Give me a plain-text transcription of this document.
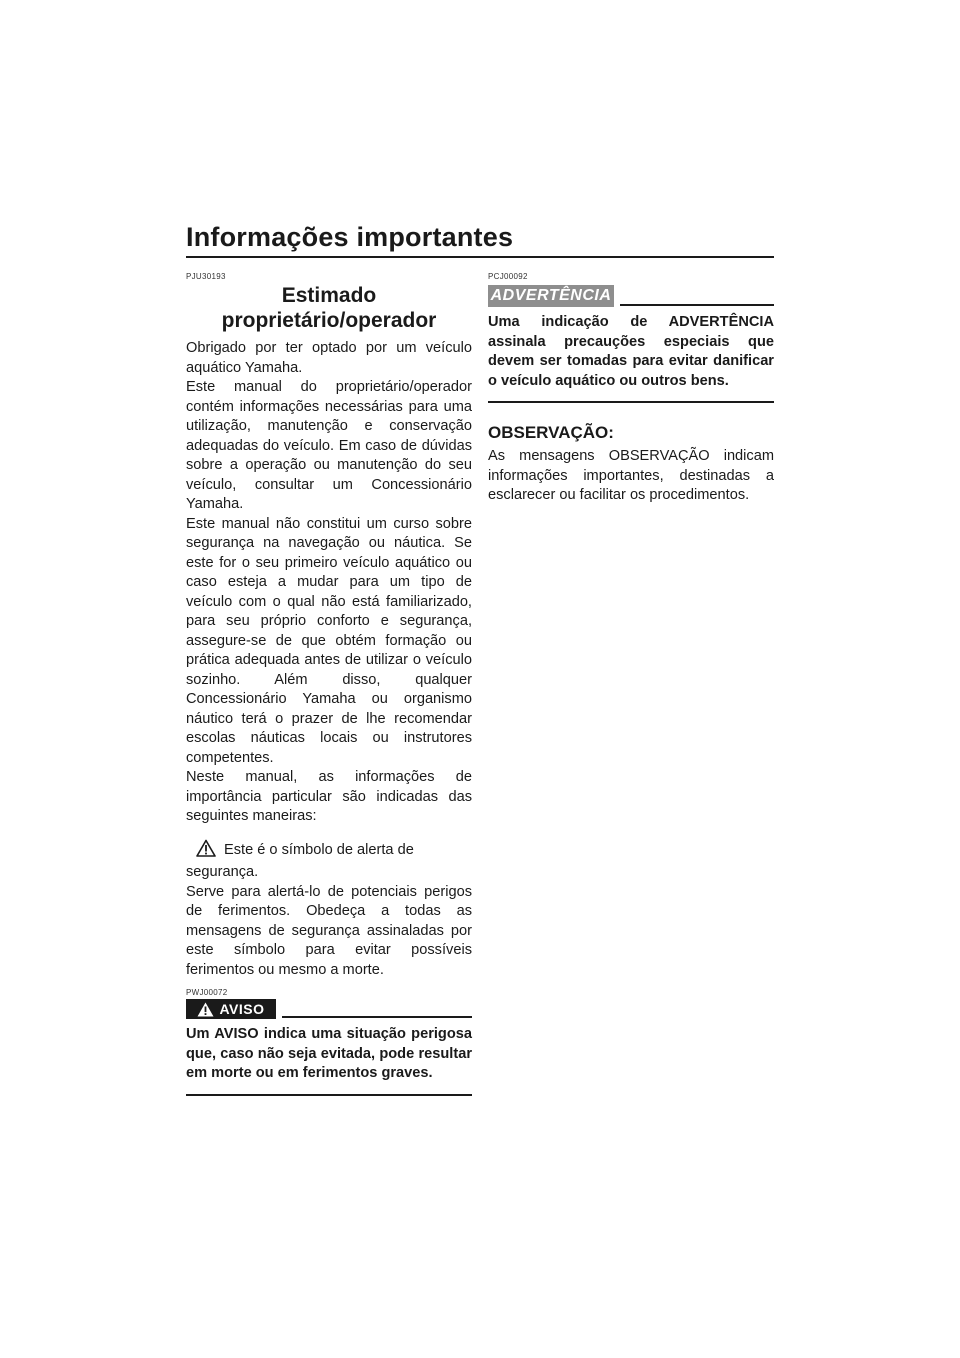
Informações importantes
PJU30193
Estimado
proprietário/operador

Obrigado por ter optado por um veículo aquático Yamaha.

Este manual do proprietário/operador contém informações necessárias para uma utilização, manutenção e conservação adequadas do veículo. Em caso de dúvidas sobre a operação ou manutenção do seu veículo, consultar um Concessionário Yamaha.

Este manual não constitui um curso sobre segurança na navegação ou náutica. Se este for o seu primeiro veículo aquático ou caso esteja a mudar para um tipo de veículo com o qual não está familiarizado, para seu próprio conforto e segurança, assegure-se de que obtém formação ou prática adequada antes de utilizar o veículo sozinho. Além disso, qualquer Concessionário Yamaha ou organismo náutico terá o prazer de lhe recomendar escolas náuticas locais ou instrutores competentes.

Neste manual, as informações de importância particular são indicadas das seguintes maneiras:

Este é o símbolo de alerta de segurança.

Serve para alertá-lo de potenciais perigos de ferimentos. Obedeça a todas as mensagens de segurança assinaladas por este símbolo para evitar possíveis ferimentos ou mesmo a morte.

PWJ00072
AVISO

Um AVISO indica uma situação perigosa que, caso não seja evitada, pode resultar em morte ou em ferimentos graves.

PCJ00092
ADVERTÊNCIA

Uma indicação de ADVERTÊNCIA assinala precauções especiais que devem ser tomadas para evitar danificar o veículo aquático ou outros bens.

OBSERVAÇÃO:

As mensagens OBSERVAÇÃO indicam informações importantes, destinadas a esclarecer ou facilitar os procedimentos.
